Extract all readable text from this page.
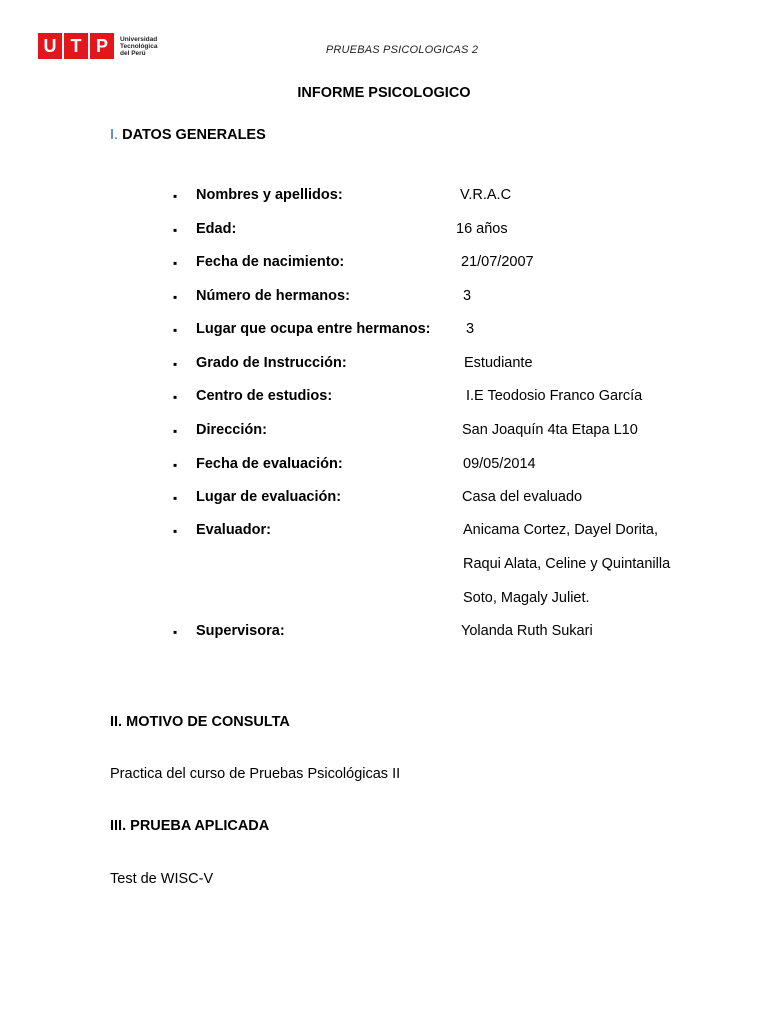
U T P	Universidad
Tecnológica
del Perú	PRUEBAS PSICOLOGICAS 2
INFORME PSICOLOGICO
I. DATOS GENERALES
▪ Nombres y apellidos:	V.R.A.C
▪ Edad:	16 años
▪ Fecha de nacimiento:	21/07/2007
▪ Número de hermanos:	3
▪ Lugar que ocupa entre hermanos: 3
▪ Grado de Instrucción:	Estudiante
▪ Centro de estudios:	I.E Teodosio Franco García
▪ Dirección:	San Joaquín 4ta Etapa L10
▪ Fecha de evaluación:	09/05/2014
▪ Lugar de evaluación:	Casa del evaluado
▪ Evaluador:	Anicama Cortez, Dayel Dorita,
Raqui Alata, Celine y Quintanilla
Soto, Magaly Juliet.
▪ Supervisora:	Yolanda Ruth Sukari
II. MOTIVO DE CONSULTA
Practica del curso de Pruebas Psicológicas II
III. PRUEBA APLICADA
Test de WISC-V
